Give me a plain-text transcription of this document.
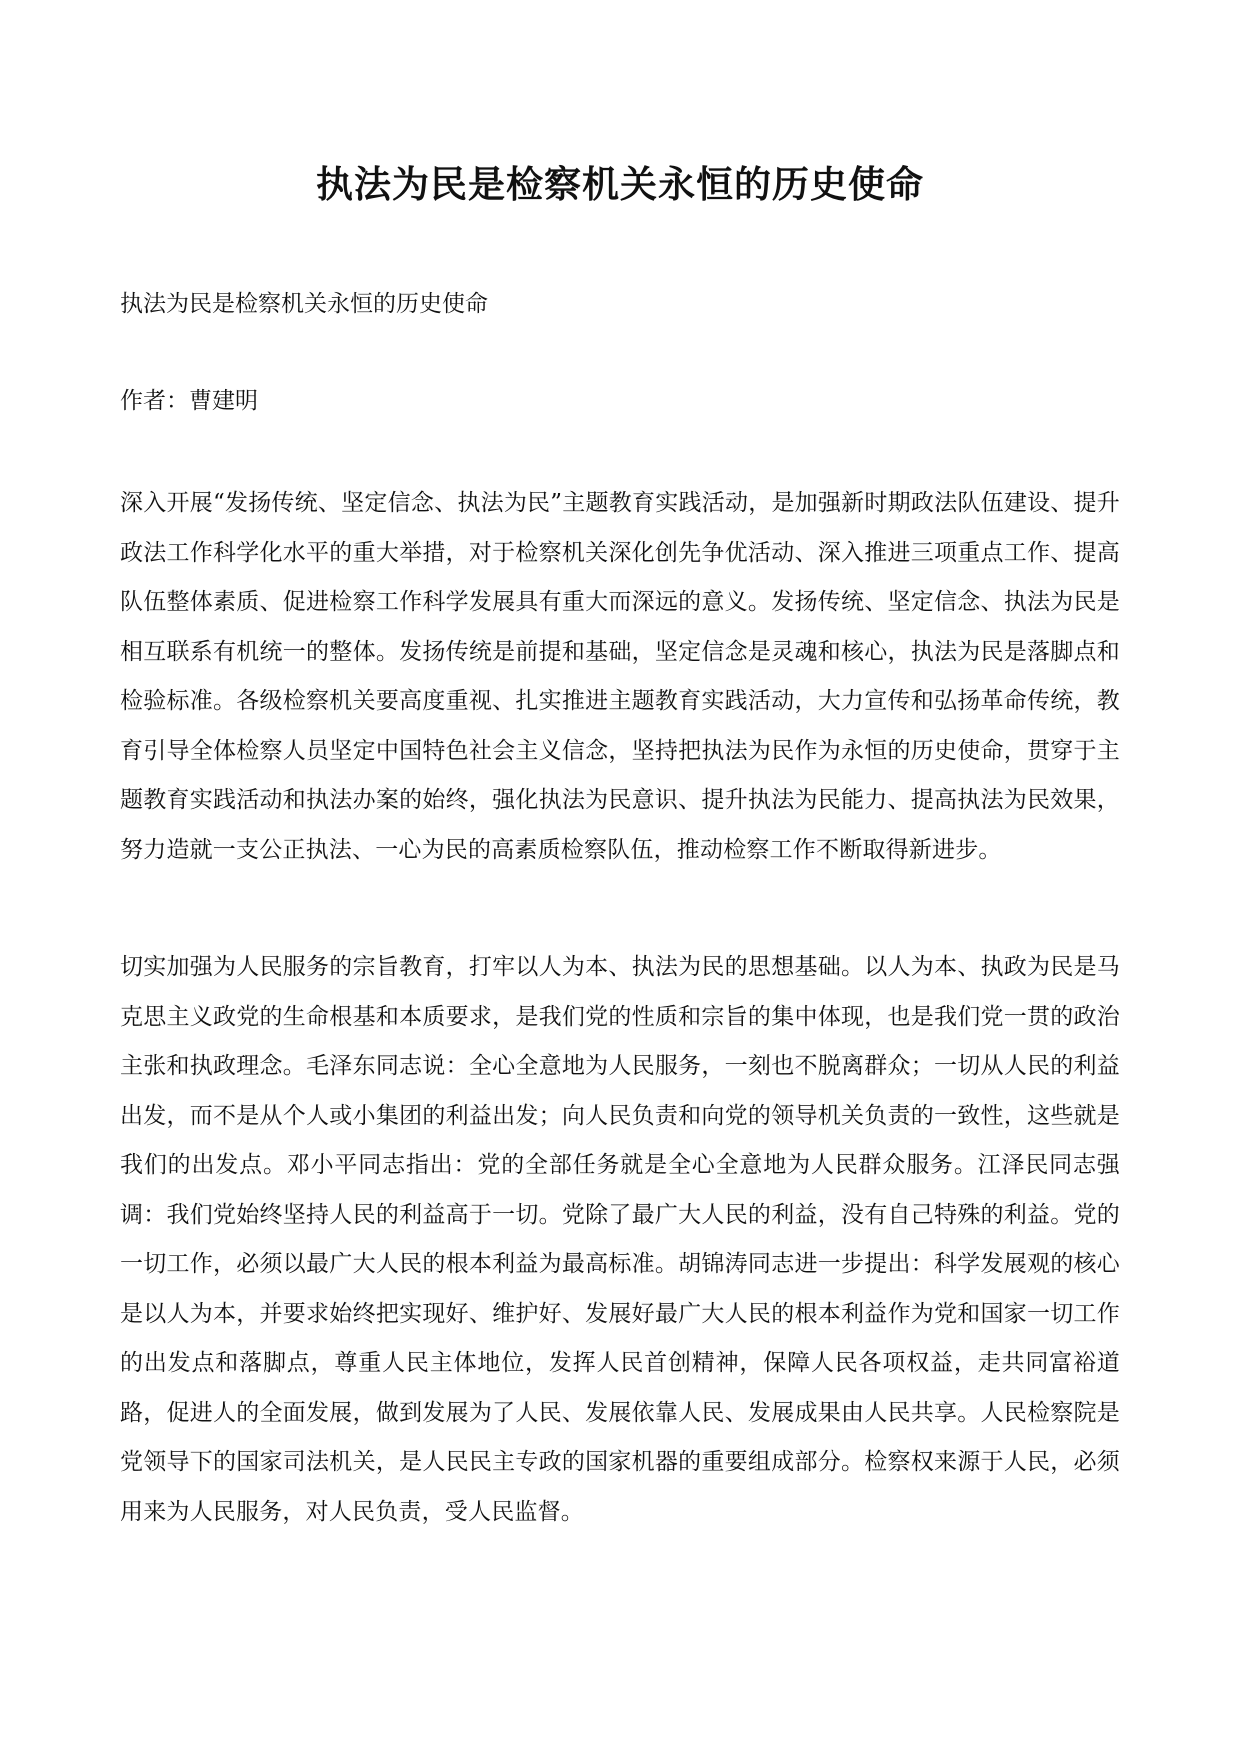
执法为民是检察机关永恒的历史使命

执法为民是检察机关永恒的历史使命

作者：曹建明

深入开展“发扬传统、坚定信念、执法为民”主题教育实践活动，是加强新时期政法队伍建设、提升政法工作科学化水平的重大举措，对于检察机关深化创先争优活动、深入推进三项重点工作、提高队伍整体素质、促进检察工作科学发展具有重大而深远的意义。发扬传统、坚定信念、执法为民是相互联系有机统一的整体。发扬传统是前提和基础，坚定信念是灵魂和核心，执法为民是落脚点和检验标准。各级检察机关要高度重视、扎实推进主题教育实践活动，大力宣传和弘扬革命传统，教育引导全体检察人员坚定中国特色社会主义信念，坚持把执法为民作为永恒的历史使命，贯穿于主题教育实践活动和执法办案的始终，强化执法为民意识、提升执法为民能力、提高执法为民效果，努力造就一支公正执法、一心为民的高素质检察队伍，推动检察工作不断取得新进步。

切实加强为人民服务的宗旨教育，打牢以人为本、执法为民的思想基础。以人为本、执政为民是马克思主义政党的生命根基和本质要求，是我们党的性质和宗旨的集中体现，也是我们党一贯的政治主张和执政理念。毛泽东同志说：全心全意地为人民服务，一刻也不脱离群众；一切从人民的利益出发，而不是从个人或小集团的利益出发；向人民负责和向党的领导机关负责的一致性，这些就是我们的出发点。邓小平同志指出：党的全部任务就是全心全意地为人民群众服务。江泽民同志强调：我们党始终坚持人民的利益高于一切。党除了最广大人民的利益，没有自己特殊的利益。党的一切工作，必须以最广大人民的根本利益为最高标准。胡锦涛同志进一步提出：科学发展观的核心是以人为本，并要求始终把实现好、维护好、发展好最广大人民的根本利益作为党和国家一切工作的出发点和落脚点，尊重人民主体地位，发挥人民首创精神，保障人民各项权益，走共同富裕道路，促进人的全面发展，做到发展为了人民、发展依靠人民、发展成果由人民共享。人民检察院是党领导下的国家司法机关，是人民民主专政的国家机器的重要组成部分。检察权来源于人民，必须用来为人民服务，对人民负责，受人民监督。
